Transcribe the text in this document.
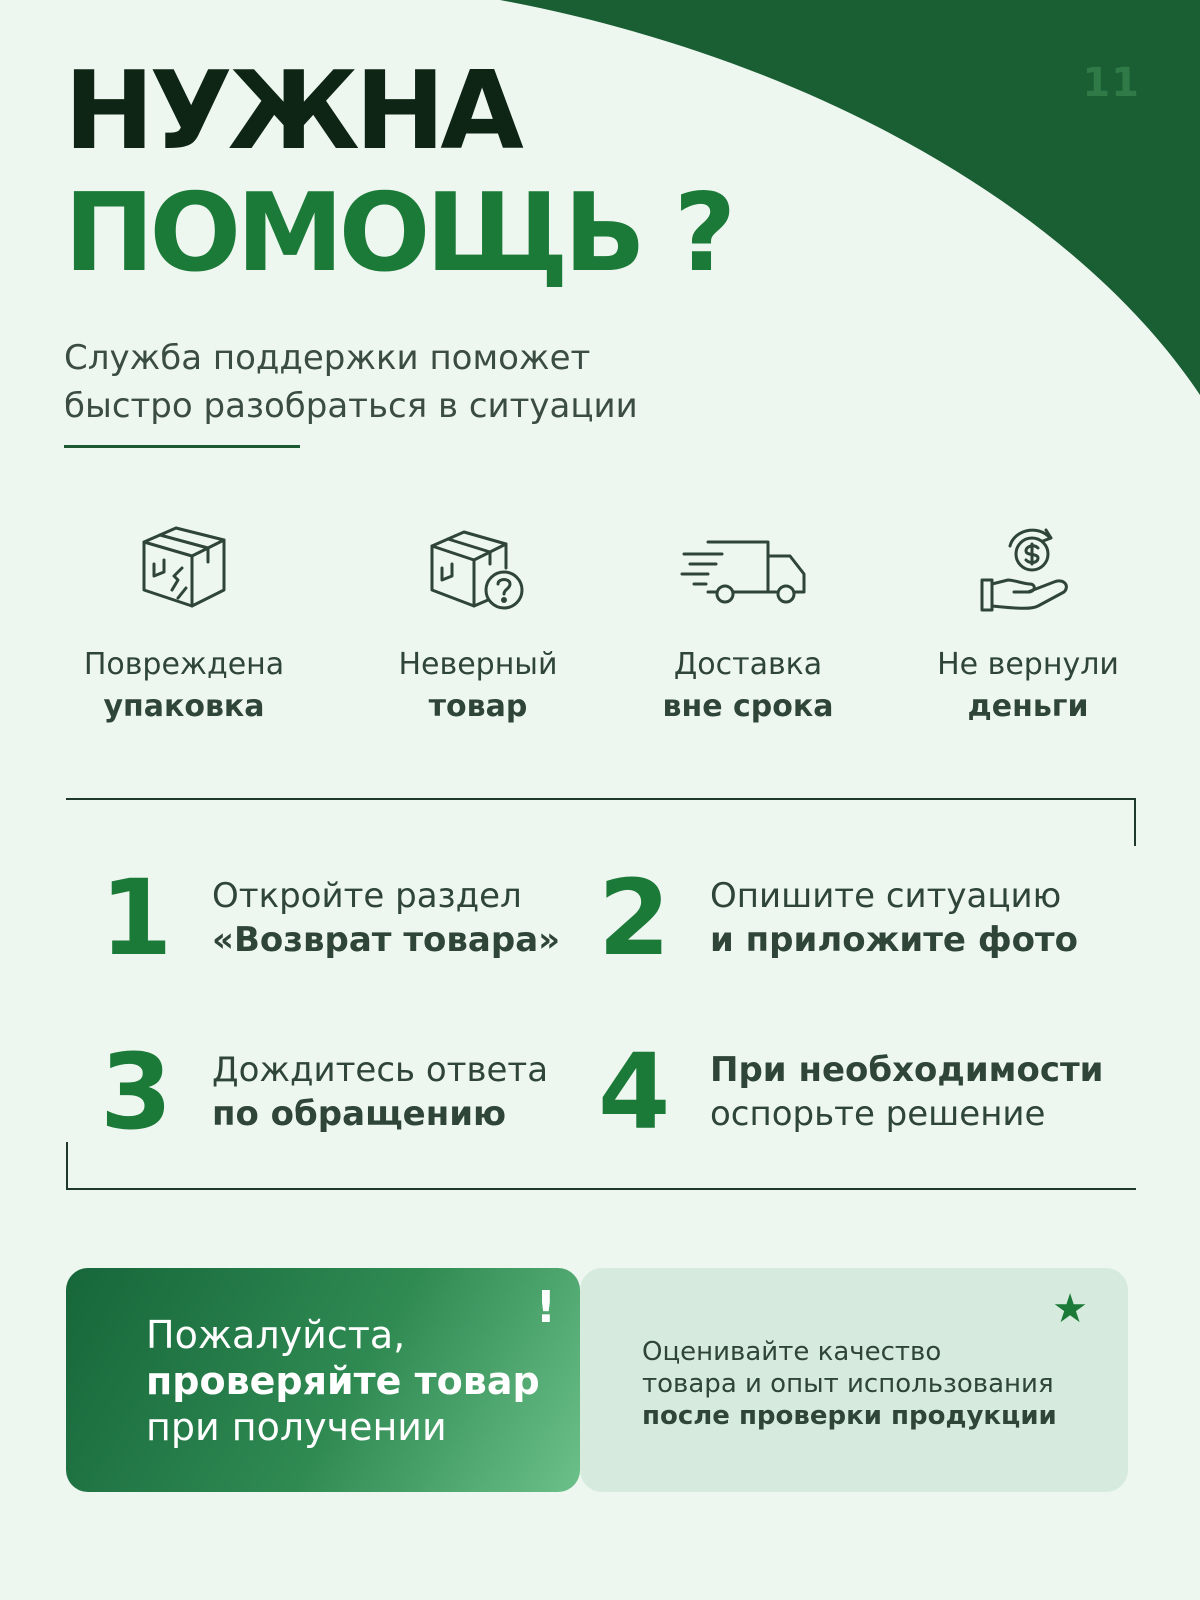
11
НУЖНА
ПОМОЩЬ ?
Служба поддержки поможет
быстро разобраться в ситуации
Повреждена
упаковка
Неверный
товар
Доставка
вне срока
Не вернули
деньги
1 Откройте раздел
«Возврат товара» 2 Опишите ситуацию
и приложите фото
3 Дождитесь ответа
по обращению 4 При необходимости
оспорьте решение
!
Пожалуйста,
проверяйте товар
при получении
★
Оценивайте качество
товара и опыт использования
после проверки продукции
